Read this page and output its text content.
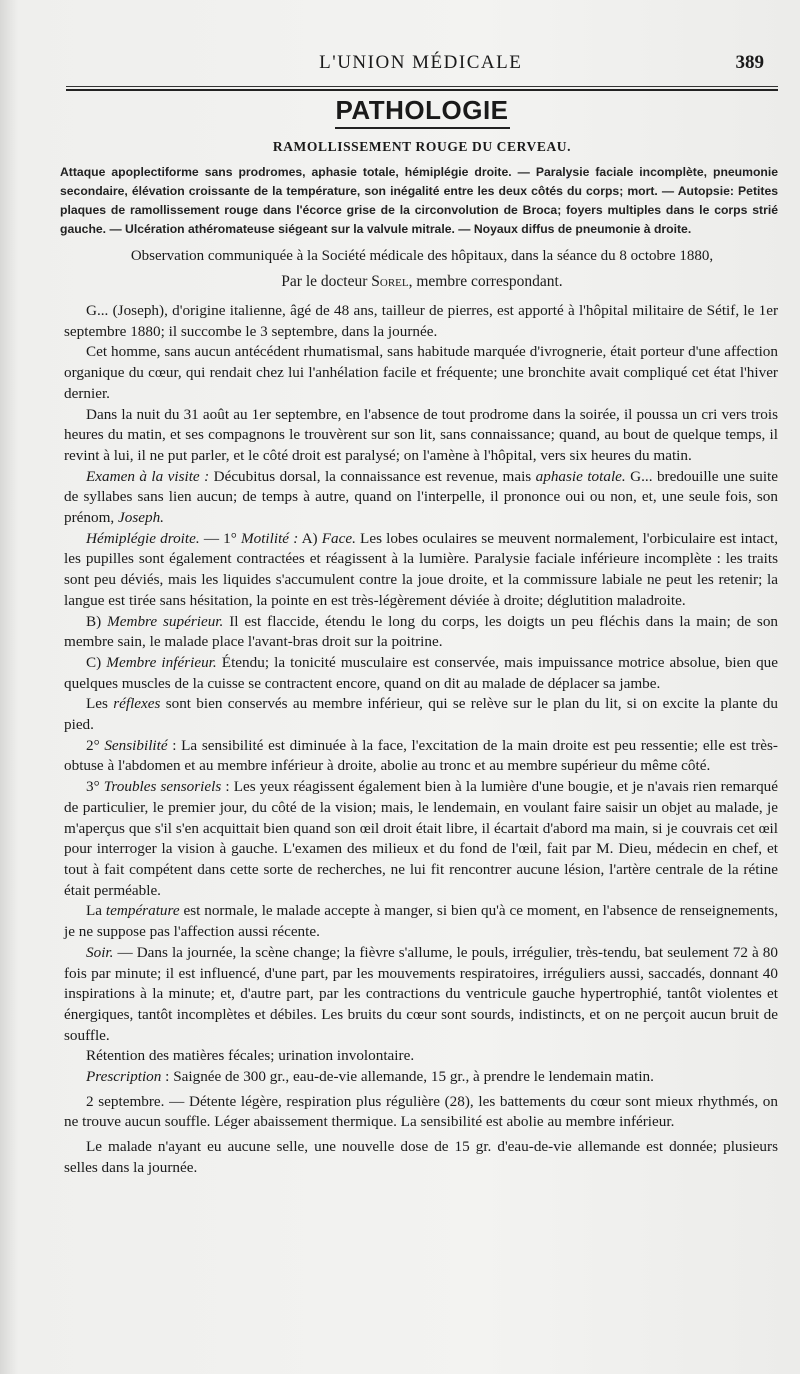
L'UNION MÉDICALE	389
PATHOLOGIE
RAMOLLISSEMENT ROUGE DU CERVEAU.

Attaque apoplectiforme sans prodromes, aphasie totale, hémiplégie droite. — Paralysie faciale incomplète, pneumonie secondaire, élévation croissante de la température, son inégalité entre les deux côtés du corps; mort. — Autopsie: Petites plaques de ramollissement rouge dans l'écorce grise de la circonvolution de Broca; foyers multiples dans le corps strié gauche. — Ulcération athéromateuse siégeant sur la valvule mitrale. — Noyaux diffus de pneumonie à droite.

Observation communiquée à la Société médicale des hôpitaux, dans la séance du 8 octobre 1880,
Par le docteur Sorel, membre correspondant.

G... (Joseph), d'origine italienne, âgé de 48 ans, tailleur de pierres, est apporté à l'hôpital militaire de Sétif, le 1er septembre 1880; il succombe le 3 septembre, dans la journée.

Cet homme, sans aucun antécédent rhumatismal, sans habitude marquée d'ivrognerie, était porteur d'une affection organique du cœur, qui rendait chez lui l'anhélation facile et fréquente; une bronchite avait compliqué cet état l'hiver dernier.

Dans la nuit du 31 août au 1er septembre, en l'absence de tout prodrome dans la soirée, il poussa un cri vers trois heures du matin, et ses compagnons le trouvèrent sur son lit, sans connaissance; quand, au bout de quelque temps, il revint à lui, il ne put parler, et le côté droit est paralysé; on l'amène à l'hôpital, vers six heures du matin.

Examen à la visite : Décubitus dorsal, la connaissance est revenue, mais aphasie totale. G... bredouille une suite de syllabes sans lien aucun; de temps à autre, quand on l'interpelle, il prononce oui ou non, et, une seule fois, son prénom, Joseph.

Hémiplégie droite. — 1° Motilité : A) Face. Les lobes oculaires se meuvent normalement, l'orbiculaire est intact, les pupilles sont également contractées et réagissent à la lumière. Paralysie faciale inférieure incomplète : les traits sont peu déviés, mais les liquides s'accumulent contre la joue droite, et la commissure labiale ne peut les retenir; la langue est tirée sans hésitation, la pointe en est très-légèrement déviée à droite; déglutition maladroite.

B) Membre supérieur. Il est flaccide, étendu le long du corps, les doigts un peu fléchis dans la main; de son membre sain, le malade place l'avant-bras droit sur la poitrine.

C) Membre inférieur. Étendu; la tonicité musculaire est conservée, mais impuissance motrice absolue, bien que quelques muscles de la cuisse se contractent encore, quand on dit au malade de déplacer sa jambe.

Les réflexes sont bien conservés au membre inférieur, qui se relève sur le plan du lit, si on excite la plante du pied.

2° Sensibilité : La sensibilité est diminuée à la face, l'excitation de la main droite est peu ressentie; elle est très-obtuse à l'abdomen et au membre inférieur à droite, abolie au tronc et au membre supérieur du même côté.

3° Troubles sensoriels : Les yeux réagissent également bien à la lumière d'une bougie, et je n'avais rien remarqué de particulier, le premier jour, du côté de la vision; mais, le lendemain, en voulant faire saisir un objet au malade, je m'aperçus que s'il s'en acquittait bien quand son œil droit était libre, il écartait d'abord ma main, si je couvrais cet œil pour interroger la vision à gauche. L'examen des milieux et du fond de l'œil, fait par M. Dieu, médecin en chef, et tout à fait compétent dans cette sorte de recherches, ne lui fit rencontrer aucune lésion, l'artère centrale de la rétine était perméable.

La température est normale, le malade accepte à manger, si bien qu'à ce moment, en l'absence de renseignements, je ne suppose pas l'affection aussi récente.

Soir. — Dans la journée, la scène change; la fièvre s'allume, le pouls, irrégulier, très-tendu, bat seulement 72 à 80 fois par minute; il est influencé, d'une part, par les mouvements respiratoires, irréguliers aussi, saccadés, donnant 40 inspirations à la minute; et, d'autre part, par les contractions du ventricule gauche hypertrophié, tantôt violentes et énergiques, tantôt incomplètes et débiles. Les bruits du cœur sont sourds, indistincts, et on ne perçoit aucun bruit de souffle.

Rétention des matières fécales; urination involontaire.

Prescription : Saignée de 300 gr., eau-de-vie allemande, 15 gr., à prendre le lendemain matin.

2 septembre. — Détente légère, respiration plus régulière (28), les battements du cœur sont mieux rhythmés, on ne trouve aucun souffle. Léger abaissement thermique. La sensibilité est abolie au membre inférieur.

Le malade n'ayant eu aucune selle, une nouvelle dose de 15 gr. d'eau-de-vie allemande est donnée; plusieurs selles dans la journée.
